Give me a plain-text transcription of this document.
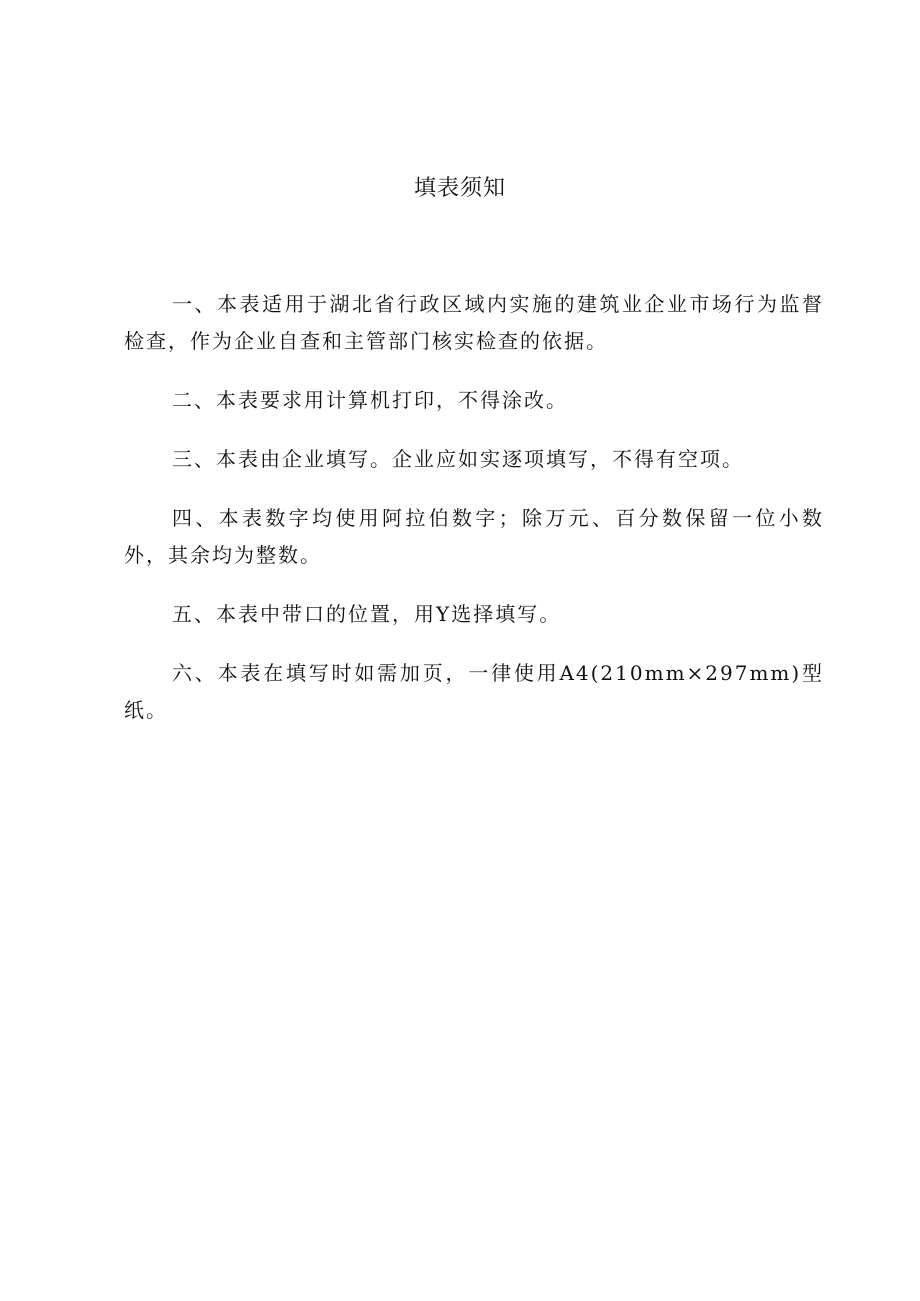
填表须知

一、本表适用于湖北省行政区域内实施的建筑业企业市场行为监督检查，作为企业自查和主管部门核实检查的依据。

二、本表要求用计算机打印，不得涂改。

三、本表由企业填写。企业应如实逐项填写，不得有空项。

四、本表数字均使用阿拉伯数字；除万元、百分数保留一位小数外，其余均为整数。

五、本表中带口的位置，用Y选择填写。

六、本表在填写时如需加页，一律使用A4(210mm×297mm)型纸。
